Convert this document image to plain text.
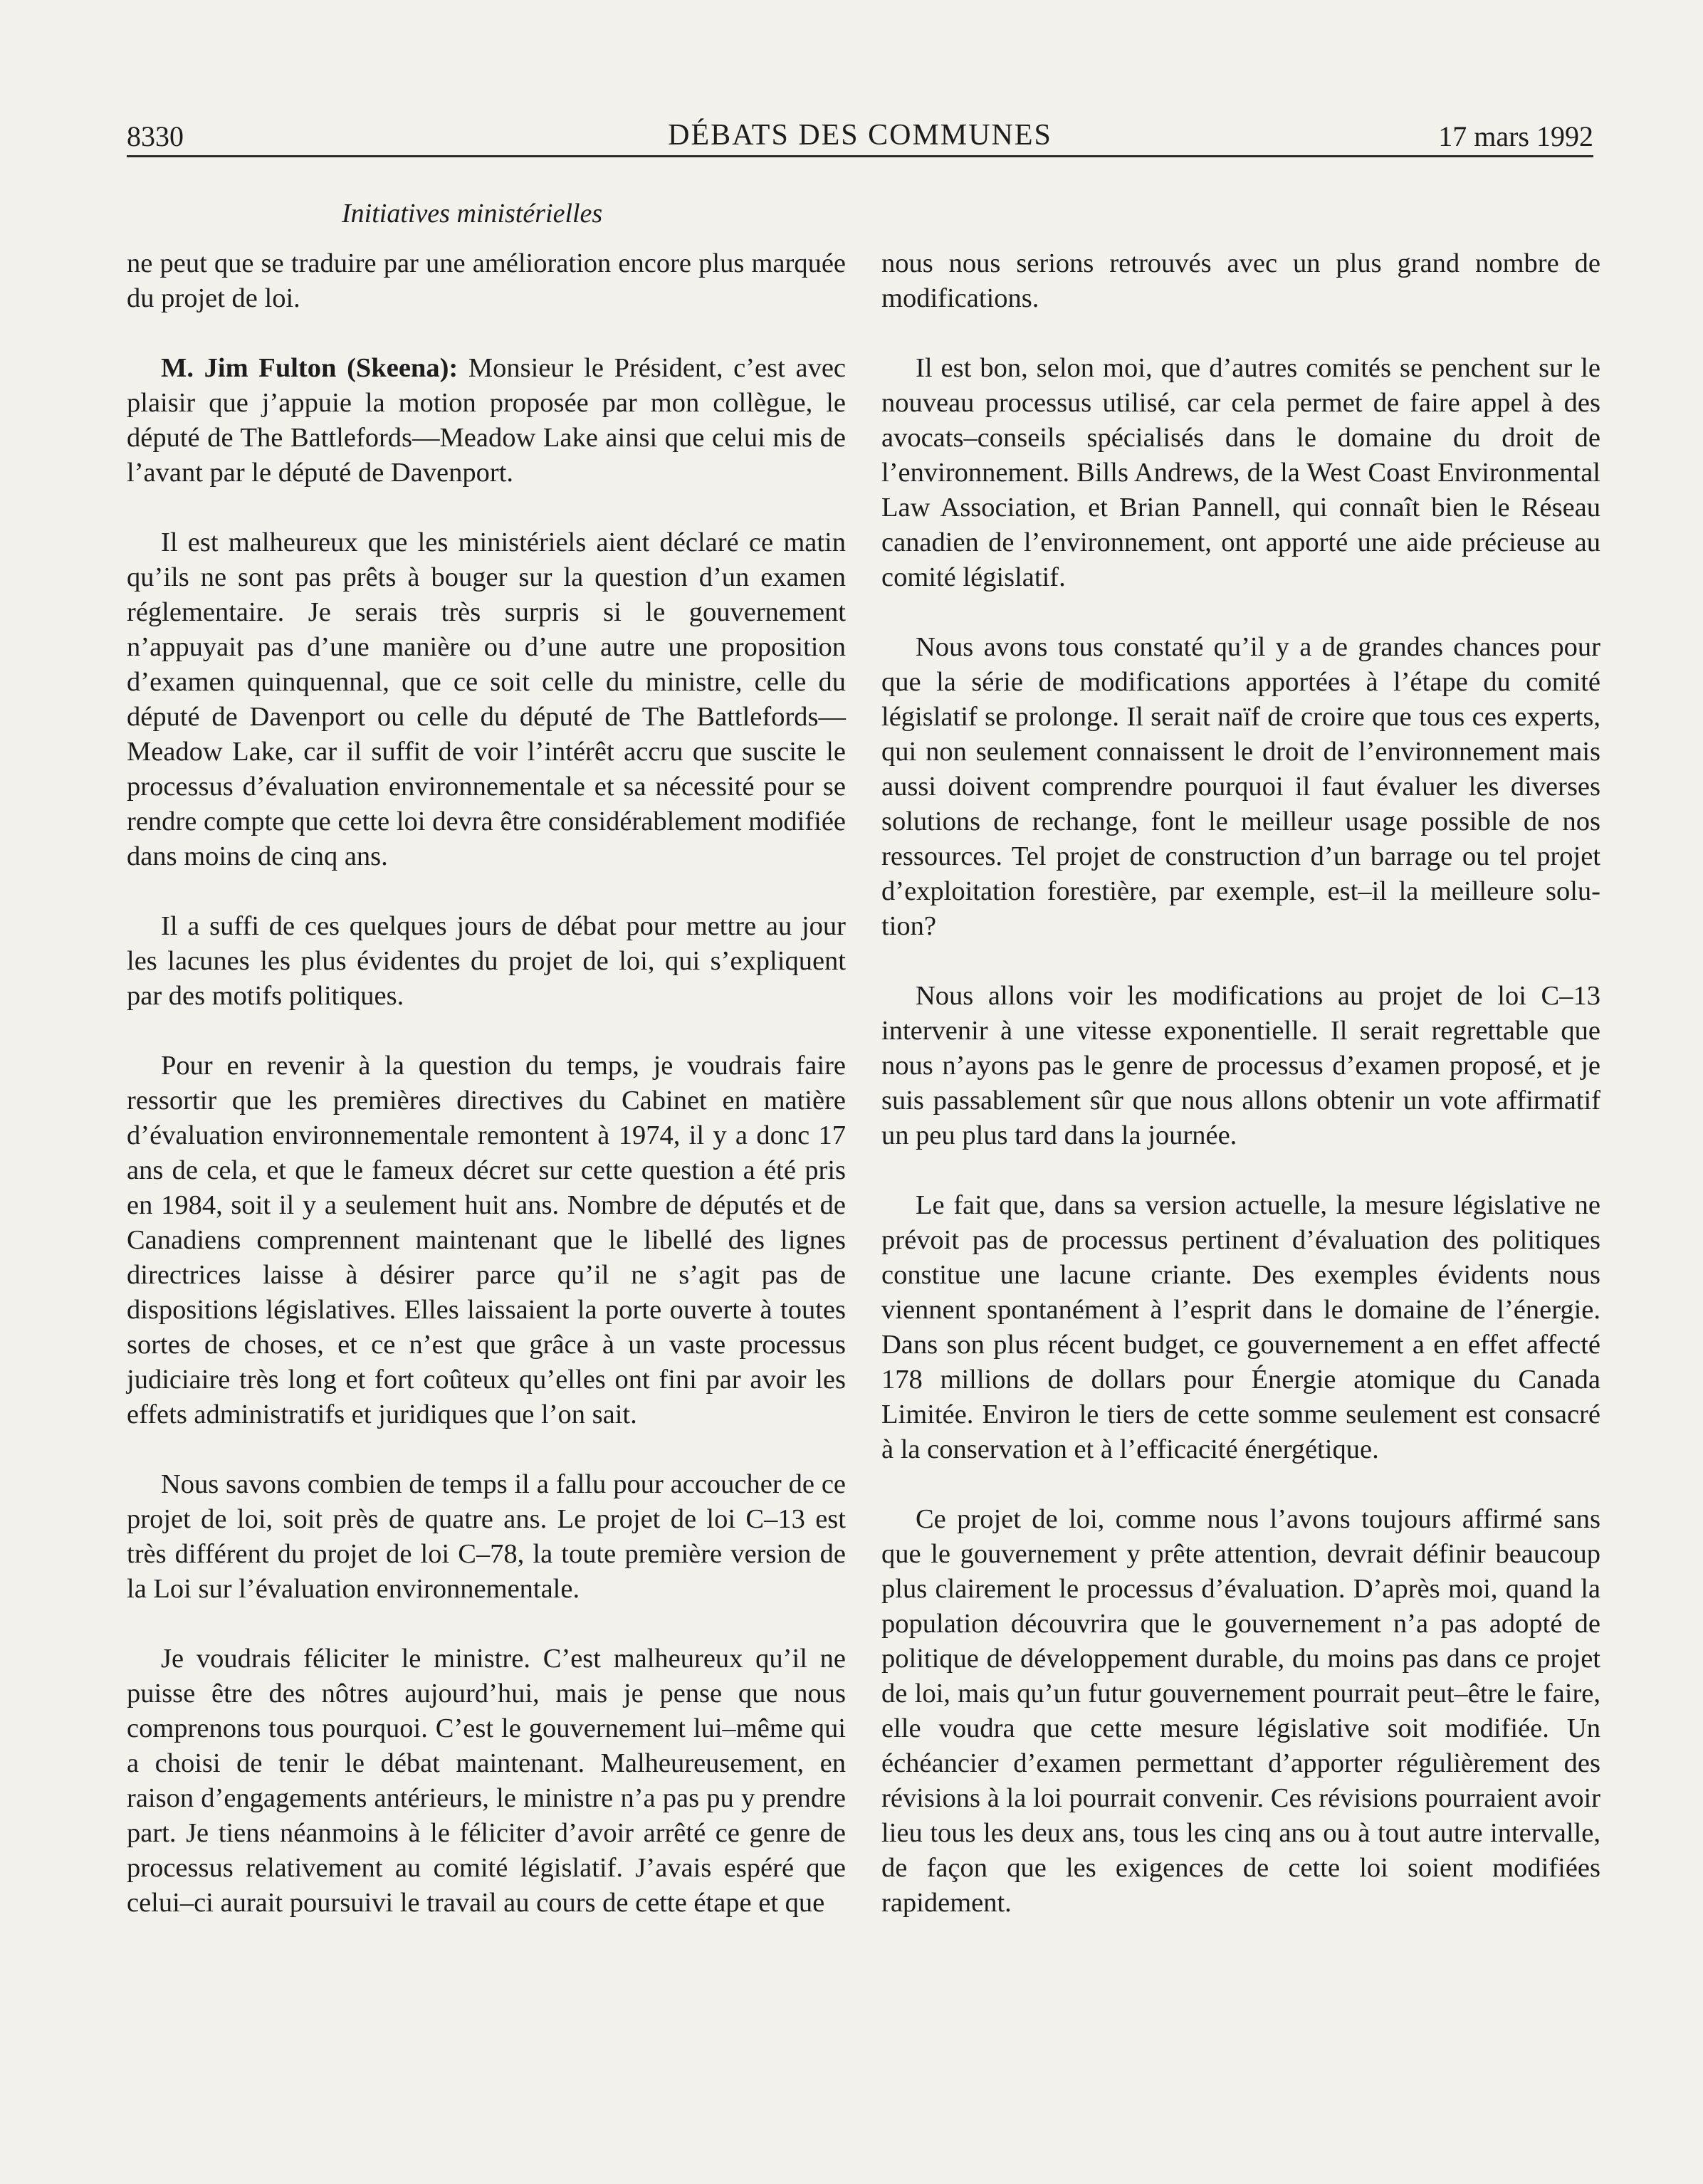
8330	DÉBATS DES COMMUNES	17 mars 1992
Initiatives ministérielles

ne peut que se traduire par une amélioration encore plus marquée du projet de loi.

M. Jim Fulton (Skeena): Monsieur le Président, c’est avec plaisir que j’appuie la motion proposée par mon collègue, le député de The Battlefords—Meadow Lake ainsi que celui mis de l’avant par le député de Davenport.

Il est malheureux que les ministériels aient déclaré ce matin qu’ils ne sont pas prêts à bouger sur la question d’un examen réglementaire. Je serais très surpris si le gouvernement n’appuyait pas d’une manière ou d’une autre une proposition d’examen quinquennal, que ce soit celle du ministre, celle du député de Davenport ou celle du député de The Battlefords—Meadow Lake, car il suffit de voir l’intérêt accru que suscite le processus d’évaluation environnementale et sa nécessité pour se rendre compte que cette loi devra être considérablement modifiée dans moins de cinq ans.

Il a suffi de ces quelques jours de débat pour mettre au jour les lacunes les plus évidentes du projet de loi, qui s’expliquent par des motifs politiques.

Pour en revenir à la question du temps, je voudrais faire ressortir que les premières directives du Cabinet en matière d’évaluation environnementale remontent à 1974, il y a donc 17 ans de cela, et que le fameux décret sur cette question a été pris en 1984, soit il y a seulement huit ans. Nombre de députés et de Canadiens comprennent maintenant que le libellé des lignes directrices laisse à désirer parce qu’il ne s’agit pas de dispositions législatives. Elles laissaient la porte ouverte à toutes sortes de choses, et ce n’est que grâce à un vaste processus judiciaire très long et fort coûteux qu’elles ont fini par avoir les effets administratifs et juridiques que l’on sait.

Nous savons combien de temps il a fallu pour accoucher de ce projet de loi, soit près de quatre ans. Le projet de loi C–13 est très différent du projet de loi C–78, la toute première version de la Loi sur l’évaluation environnementale.

Je voudrais féliciter le ministre. C’est malheureux qu’il ne puisse être des nôtres aujourd’hui, mais je pense que nous comprenons tous pourquoi. C’est le gouvernement lui–même qui a choisi de tenir le débat maintenant. Malheureusement, en raison d’engagements antérieurs, le ministre n’a pas pu y prendre part. Je tiens néanmoins à le féliciter d’avoir arrêté ce genre de processus relativement au comité législatif. J’avais espéré que celui–ci aurait poursuivi le travail au cours de cette étape et que

nous nous serions retrouvés avec un plus grand nombre de modifications.

Il est bon, selon moi, que d’autres comités se penchent sur le nouveau processus utilisé, car cela permet de faire appel à des avocats–conseils spécialisés dans le domaine du droit de l’environnement. Bills Andrews, de la West Coast Environmental Law Association, et Brian Pannell, qui connaît bien le Réseau canadien de l’environnement, ont apporté une aide précieuse au comité législatif.

Nous avons tous constaté qu’il y a de grandes chances pour que la série de modifications apportées à l’étape du comité législatif se prolonge. Il serait naïf de croire que tous ces experts, qui non seulement connaissent le droit de l’environnement mais aussi doivent comprendre pourquoi il faut évaluer les diverses solutions de rechange, font le meilleur usage possible de nos ressources. Tel projet de construction d’un barrage ou tel projet d’exploitation forestière, par exemple, est–il la meilleure solution?

Nous allons voir les modifications au projet de loi C–13 intervenir à une vitesse exponentielle. Il serait regrettable que nous n’ayons pas le genre de processus d’examen proposé, et je suis passablement sûr que nous allons obtenir un vote affirmatif un peu plus tard dans la journée.

Le fait que, dans sa version actuelle, la mesure législative ne prévoit pas de processus pertinent d’évaluation des politiques constitue une lacune criante. Des exemples évidents nous viennent spontanément à l’esprit dans le domaine de l’énergie. Dans son plus récent budget, ce gouvernement a en effet affecté 178 millions de dollars pour Énergie atomique du Canada Limitée. Environ le tiers de cette somme seulement est consacré à la conservation et à l’efficacité énergétique.

Ce projet de loi, comme nous l’avons toujours affirmé sans que le gouvernement y prête attention, devrait définir beaucoup plus clairement le processus d’évaluation. D’après moi, quand la population découvrira que le gouvernement n’a pas adopté de politique de développement durable, du moins pas dans ce projet de loi, mais qu’un futur gouvernement pourrait peut–être le faire, elle voudra que cette mesure législative soit modifiée. Un échéancier d’examen permettant d’apporter régulièrement des révisions à la loi pourrait convenir. Ces révisions pourraient avoir lieu tous les deux ans, tous les cinq ans ou à tout autre intervalle, de façon que les exigences de cette loi soient modifiées rapidement.
